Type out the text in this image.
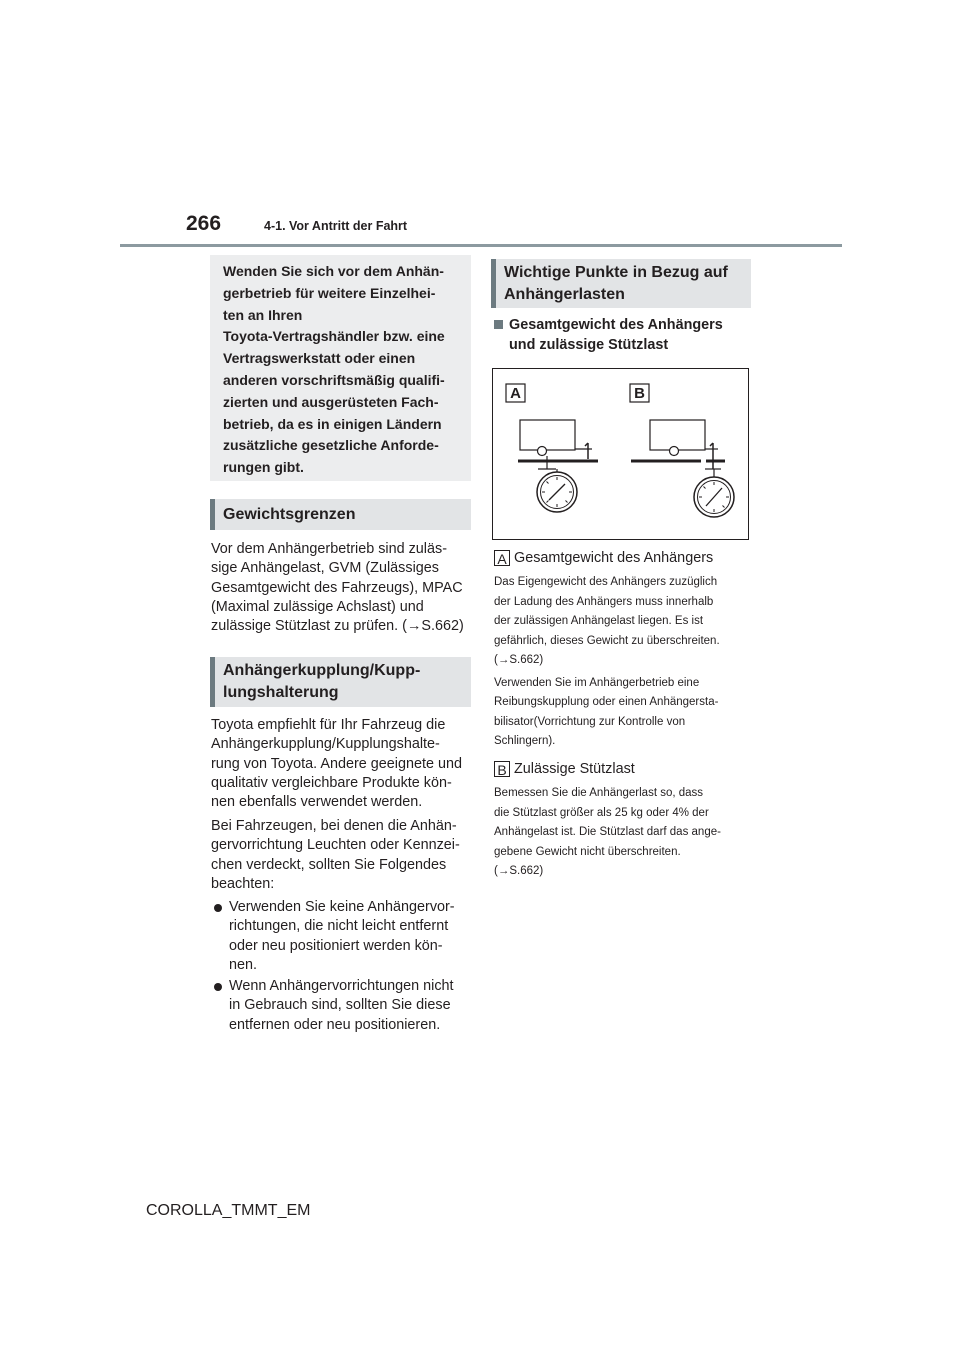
266	4-1. Vor Antritt der Fahrt
Wenden Sie sich vor dem Anhän-
gerbetrieb für weitere Einzelhei-
ten an Ihren
Toyota-Vertragshändler bzw. eine
Vertragswerkstatt oder einen
anderen vorschriftsmäßig qualifi-
zierten und ausgerüsteten Fach-
betrieb, da es in einigen Ländern
zusätzliche gesetzliche Anforde-
rungen gibt.
Gewichtsgrenzen
Vor dem Anhängerbetrieb sind zuläs-
sige Anhängelast, GVM (Zulässiges
Gesamtgewicht des Fahrzeugs), MPAC
(Maximal zulässige Achslast) und
zulässige Stützlast zu prüfen. (→S.662)
Anhängerkupplung/Kupp-
lungshalterung
Toyota empfiehlt für Ihr Fahrzeug die
Anhängerkupplung/Kupplungshalte-
rung von Toyota. Andere geeignete und
qualitativ vergleichbare Produkte kön-
nen ebenfalls verwendet werden.
Bei Fahrzeugen, bei denen die Anhän-
gervorrichtung Leuchten oder Kennzei-
chen verdeckt, sollten Sie Folgendes
beachten:
Verwenden Sie keine Anhängervor-
richtungen, die nicht leicht entfernt
oder neu positioniert werden kön-
nen.
Wenn Anhängervorrichtungen nicht
in Gebrauch sind, sollten Sie diese
entfernen oder neu positionieren.
Wichtige Punkte in Bezug auf
Anhängerlasten
Gesamtgewicht des Anhängers
und zulässige Stützlast
A	B
A Gesamtgewicht des Anhängers
Das Eigengewicht des Anhängers zuzüglich
der Ladung des Anhängers muss innerhalb
der zulässigen Anhängelast liegen. Es ist
gefährlich, dieses Gewicht zu überschreiten.
(→S.662)
Verwenden Sie im Anhängerbetrieb eine
Reibungskupplung oder einen Anhängersta-
bilisator(Vorrichtung zur Kontrolle von
Schlingern).
B Zulässige Stützlast
Bemessen Sie die Anhängerlast so, dass
die Stützlast größer als 25 kg oder 4% der
Anhängelast ist. Die Stützlast darf das ange-
gebene Gewicht nicht überschreiten.
(→S.662)
COROLLA_TMMT_EM
